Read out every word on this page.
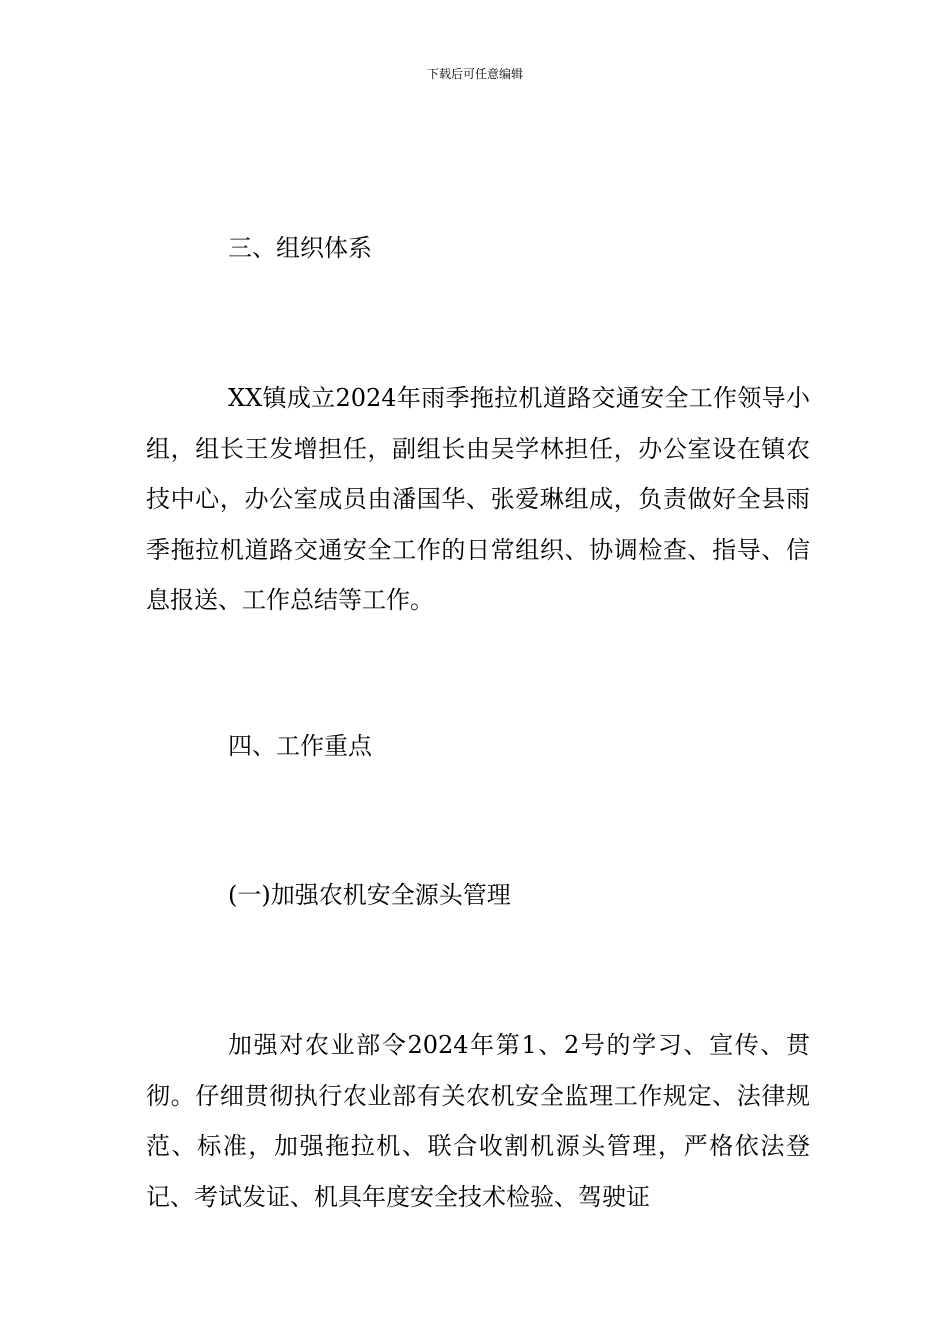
下载后可任意编辑
三、组织体系

XX镇成立2024年雨季拖拉机道路交通安全工作领导小组，组长王发增担任，副组长由吴学林担任，办公室设在镇农技中心，办公室成员由潘国华、张爱琳组成，负责做好全县雨季拖拉机道路交通安全工作的日常组织、协调检查、指导、信息报送、工作总结等工作。

四、工作重点
(一)加强农机安全源头管理

加强对农业部令2024年第1、2号的学习、宣传、贯彻。仔细贯彻执行农业部有关农机安全监理工作规定、法律规范、标准，加强拖拉机、联合收割机源头管理，严格依法登记、考试发证、机具年度安全技术检验、驾驶证
